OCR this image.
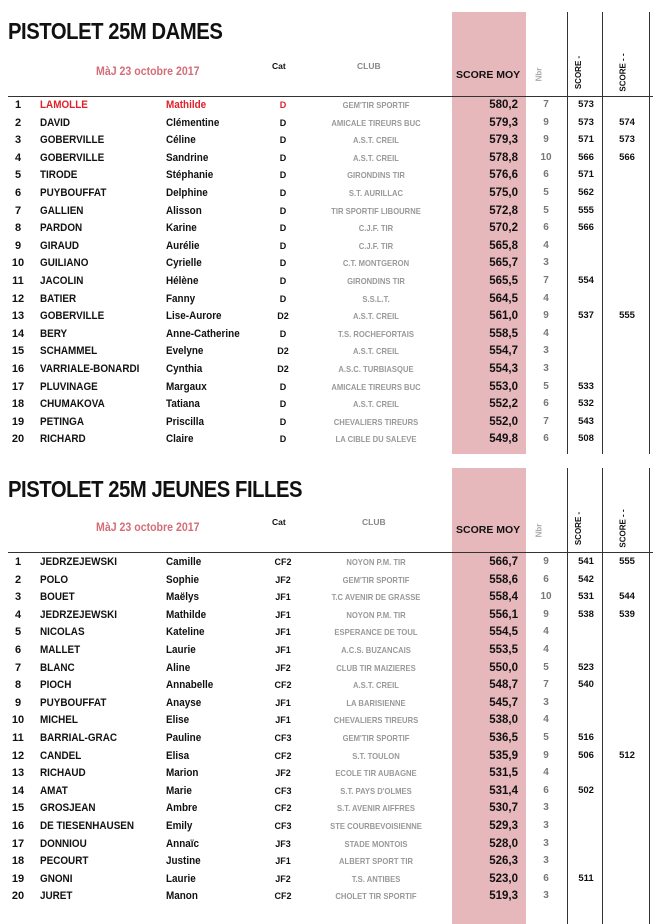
PISTOLET 25M DAMES
MàJ 23 octobre 2017	Cat	CLUB
SCORE MOY Nbr	SCORE -	SCORE - -
1	LAMOLLE	Mathilde	D	GEM'TIR SPORTIF	580,2	7	573
2	DAVID	Clémentine	D	AMICALE TIREURS BUC	579,3	9	573	574
3	GOBERVILLE	Céline	D	A.S.T. CREIL	579,3	9	571	573
4	GOBERVILLE	Sandrine	D	A.S.T. CREIL	578,8 10	566	566
5	TIRODE	Stéphanie	D	GIRONDINS TIR	576,6	6	571
6	PUYBOUFFAT	Delphine	D	S.T. AURILLAC	575,0	5	562
7	GALLIEN	Alisson	D	TIR SPORTIF LIBOURNE	572,8	5	555
8	PARDON	Karine	D	C.J.F. TIR	570,2	6	566
9	GIRAUD	Aurélie	D	C.J.F. TIR	565,8	4
10	GUILIANO	Cyrielle	D	C.T. MONTGERON	565,7	3
11	JACOLIN	Hélène	D	GIRONDINS TIR	565,5	7	554
12	BATIER	Fanny	D	S.S.L.T.	564,5	4
13	GOBERVILLE	Lise-Aurore	D2	A.S.T. CREIL	561,0	9	537	555
14	BERY	Anne-Catherine	D	T.S. ROCHEFORTAIS	558,5	4
15	SCHAMMEL	Evelyne	D2	A.S.T. CREIL	554,7	3
16	VARRIALE-BONARDI Cynthia	D2	A.S.C. TURBIASQUE	554,3	3
17	PLUVINAGE	Margaux	D	AMICALE TIREURS BUC	553,0	5	533
18	CHUMAKOVA	Tatiana	D	A.S.T. CREIL	552,2	6	532
19	PETINGA	Priscilla	D	CHEVALIERS TIREURS	552,0	7	543
20	RICHARD	Claire	D	LA CIBLE DU SALEVE	549,8	6	508
PISTOLET 25M JEUNES FILLES
MàJ 23 octobre 2017	Cat	CLUB
SCORE MOY Nbr	SCORE -	SCORE - -
1	JEDRZEJEWSKI	Camille	CF2	NOYON P.M. TIR	566,7	9	541	555
2	POLO	Sophie	JF2	GEM'TIR SPORTIF	558,6	6	542
3	BOUET	Maëlys	JF1	T.C AVENIR DE GRASSE	558,4 10	531	544
4	JEDRZEJEWSKI	Mathilde	JF1	NOYON P.M. TIR	556,1	9	538	539
5	NICOLAS	Kateline	JF1	ESPERANCE DE TOUL	554,5	4
6	MALLET	Laurie	JF1	A.C.S. BUZANCAIS	553,5	4
7	BLANC	Aline	JF2	CLUB TIR MAIZIERES	550,0	5	523
8	PIOCH	Annabelle	CF2	A.S.T. CREIL	548,7	7	540
9	PUYBOUFFAT	Anayse	JF1	LA BARISIENNE	545,7	3
10	MICHEL	Elise	JF1	CHEVALIERS TIREURS	538,0	4
11	BARRIAL-GRAC	Pauline	CF3	GEM'TIR SPORTIF	536,5	5	516
12	CANDEL	Elisa	CF2	S.T. TOULON	535,9	9	506	512
13	RICHAUD	Marion	JF2	ECOLE TIR AUBAGNE	531,5	4
14	AMAT	Marie	CF3	S.T. PAYS D'OLMES	531,4	6	502
15	GROSJEAN	Ambre	CF2	S.T. AVENIR AIFFRES	530,7	3
16	DE TIESENHAUSEN	Emily	CF3	STE COURBEVOISIENNE	529,3	3
17	DONNIOU	Annaïc	JF3	STADE MONTOIS	528,0	3
18	PECOURT	Justine	JF1	ALBERT SPORT TIR	526,3	3
19	GNONI	Laurie	JF2	T.S. ANTIBES	523,0	6	511
20	JURET	Manon	CF2	CHOLET TIR SPORTIF	519,3	3
